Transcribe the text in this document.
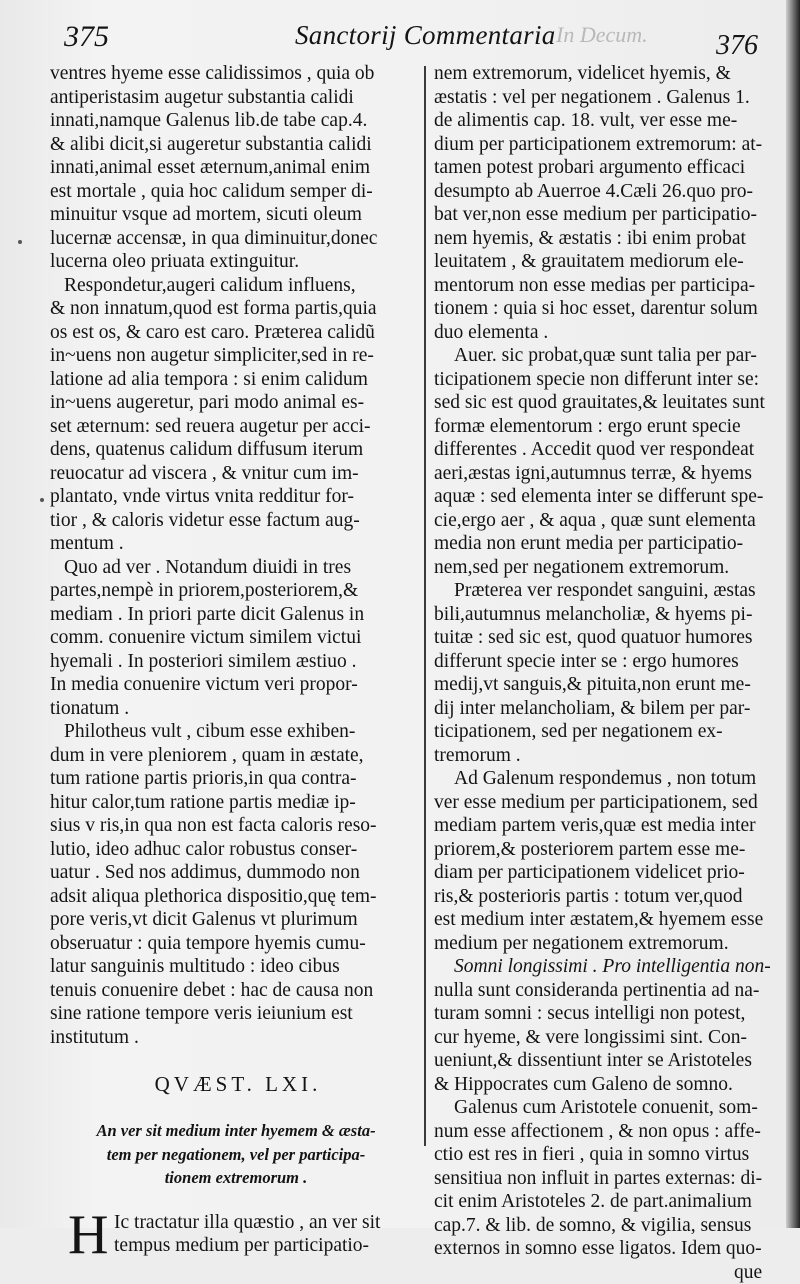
375	Sanctorij Commentaria In Decum. 376
ventres hyeme esse calidissimos , quia ob
antiperistasim augetur substantia calidi
innati,namque Galenus lib.de tabe cap.4.
& alibi dicit,si augeretur substantia calidi
innati,animal esset æternum,animal enim
est mortale , quia hoc calidum semper di-
minuitur vsque ad mortem, sicuti oleum
lucernæ accensæ, in qua diminuitur,donec
lucerna oleo priuata extinguitur.
Respondetur,augeri calidum influens,
& non innatum,quod est forma partis,quia
os est os, & caro est caro. Præterea calidũ
in~uens non augetur simpliciter,sed in re-
latione ad alia tempora : si enim calidum
in~uens augeretur, pari modo animal es-
set æternum: sed reuera augetur per acci-
dens, quatenus calidum diffusum iterum
reuocatur ad viscera , & vnitur cum im-
plantato, vnde virtus vnita redditur for-
tior , & caloris videtur esse factum aug-
mentum .
Quo ad ver . Notandum diuidi in tres
partes,nempè in priorem,posteriorem,&
mediam . In priori parte dicit Galenus in
comm. conuenire victum similem victui
hyemali . In posteriori similem æstiuo .
In media conuenire victum veri propor-
tionatum .
Philotheus vult , cibum esse exhiben-
dum in vere pleniorem , quam in æstate,
tum ratione partis prioris,in qua contra-
hitur calor,tum ratione partis mediæ ip-
sius v ris,in qua non est facta caloris reso-
lutio, ideo adhuc calor robustus conser-
uatur . Sed nos addimus, dummodo non
adsit aliqua plethorica dispositio,quę tem-
pore veris,vt dicit Galenus vt plurimum
obseruatur : quia tempore hyemis cumu-
latur sanguinis multitudo : ideo cibus
tenuis conuenire debet : hac de causa non
sine ratione tempore veris ieiunium est
institutum .
QVÆST. LXI.
An ver sit medium inter hyemem & æsta-
tem per negationem, vel per participa-
tionem extremorum .
H Ic tractatur illa quæstio , an ver sit
tempus medium per participatio-
nem extremorum, videlicet hyemis, &
æstatis : vel per negationem . Galenus 1.
de alimentis cap. 18. vult, ver esse me-
dium per participationem extremorum: at-
tamen potest probari argumento efficaci
desumpto ab Auerroe 4.Cæli 26.quo pro-
bat ver,non esse medium per participatio-
nem hyemis, & æstatis : ibi enim probat
leuitatem , & grauitatem mediorum ele-
mentorum non esse medias per participa-
tionem : quia si hoc esset, darentur solum
duo elementa .
Auer. sic probat,quæ sunt talia per par-
ticipationem specie non differunt inter se:
sed sic est quod grauitates,& leuitates sunt
formæ elementorum : ergo erunt specie
differentes . Accedit quod ver respondeat
aeri,æstas igni,autumnus terræ, & hyems
aquæ : sed elementa inter se differunt spe-
cie,ergo aer , & aqua , quæ sunt elementa
media non erunt media per participatio-
nem,sed per negationem extremorum.
Præterea ver respondet sanguini, æstas
bili,autumnus melancholiæ, & hyems pi-
tuitæ : sed sic est, quod quatuor humores
differunt specie inter se : ergo humores
medij,vt sanguis,& pituita,non erunt me-
dij inter melancholiam, & bilem per par-
ticipationem, sed per negationem ex-
tremorum .
Ad Galenum respondemus , non totum
ver esse medium per participationem, sed
mediam partem veris,quæ est media inter
priorem,& posteriorem partem esse me-
diam per participationem videlicet prio-
ris,& posterioris partis : totum ver,quod
est medium inter æstatem,& hyemem esse
medium per negationem extremorum.
Somni longissimi . Pro intelligentia non-
nulla sunt consideranda pertinentia ad na-
turam somni : secus intelligi non potest,
cur hyeme, & vere longissimi sint. Con-
ueniunt,& dissentiunt inter se Aristoteles
& Hippocrates cum Galeno de somno.
Galenus cum Aristotele conuenit, som-
num esse affectionem , & non opus : affe-
ctio est res in fieri , quia in somno virtus
sensitiua non influit in partes externas: di-
cit enim Aristoteles 2. de part.animalium
cap.7. & lib. de somno, & vigilia, sensus
externos in somno esse ligatos. Idem quo-
que
